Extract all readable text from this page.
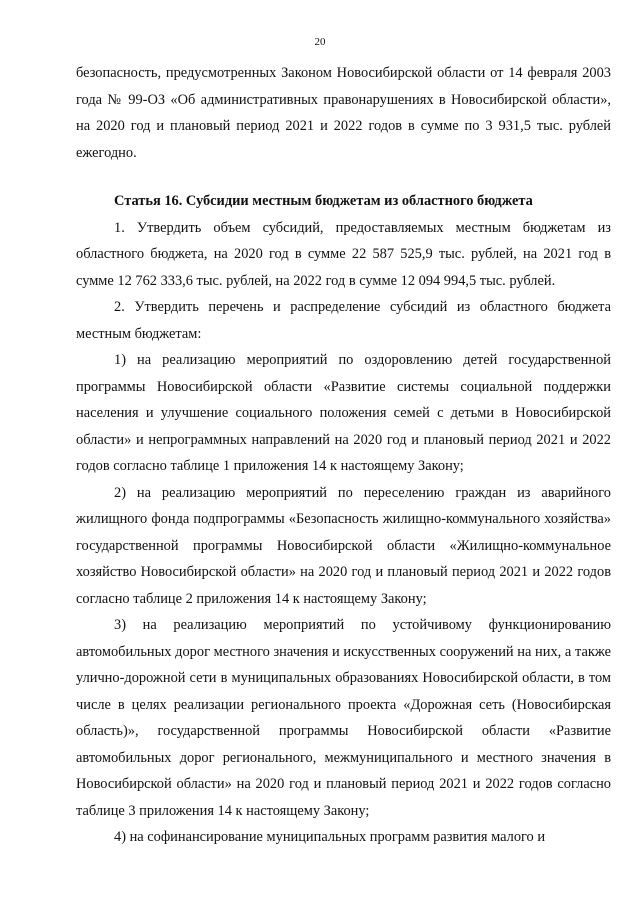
20

безопасность, предусмотренных Законом Новосибирской области от 14 февраля 2003 года № 99-ОЗ «Об административных правонарушениях в Новосибирской области», на 2020 год и плановый период 2021 и 2022 годов в сумме по 3 931,5 тыс. рублей ежегодно.

Статья 16. Субсидии местным бюджетам из областного бюджета

1. Утвердить объем субсидий, предоставляемых местным бюджетам из областного бюджета, на 2020 год в сумме 22 587 525,9 тыс. рублей, на 2021 год в сумме 12 762 333,6 тыс. рублей, на 2022 год в сумме 12 094 994,5 тыс. рублей.

2. Утвердить перечень и распределение субсидий из областного бюджета местным бюджетам:

1) на реализацию мероприятий по оздоровлению детей государственной программы Новосибирской области «Развитие системы социальной поддержки населения и улучшение социального положения семей с детьми в Новосибирской области» и непрограммных направлений на 2020 год и плановый период 2021 и 2022 годов согласно таблице 1 приложения 14 к настоящему Закону;

2) на реализацию мероприятий по переселению граждан из аварийного жилищного фонда подпрограммы «Безопасность жилищно-коммунального хозяйства» государственной программы Новосибирской области «Жилищно-коммунальное хозяйство Новосибирской области» на 2020 год и плановый период 2021 и 2022 годов согласно таблице 2 приложения 14 к настоящему Закону;

3) на реализацию мероприятий по устойчивому функционированию автомобильных дорог местного значения и искусственных сооружений на них, а также улично-дорожной сети в муниципальных образованиях Новосибирской области, в том числе в целях реализации регионального проекта «Дорожная сеть (Новосибирская область)», государственной программы Новосибирской области «Развитие автомобильных дорог регионального, межмуниципального и местного значения в Новосибирской области» на 2020 год и плановый период 2021 и 2022 годов согласно таблице 3 приложения 14 к настоящему Закону;

4) на софинансирование муниципальных программ развития малого и
